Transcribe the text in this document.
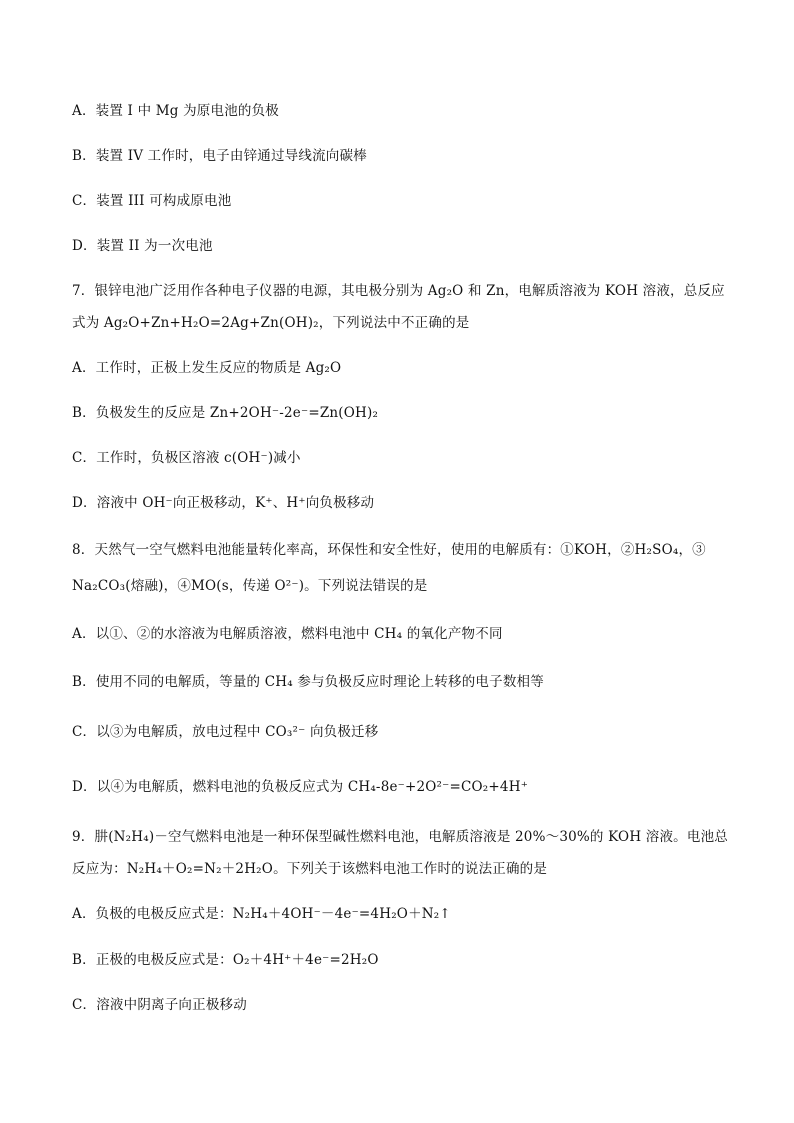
A．装置 I 中 Mg 为原电池的负极
B．装置 IV 工作时，电子由锌通过导线流向碳棒
C．装置 III 可构成原电池
D．装置 II 为一次电池
7．银锌电池广泛用作各种电子仪器的电源，其电极分别为 Ag₂O 和 Zn，电解质溶液为 KOH 溶液，总反应
式为 Ag₂O+Zn+H₂O=2Ag+Zn(OH)₂，下列说法中不正确的是
A．工作时，正极上发生反应的物质是 Ag₂O
B．负极发生的反应是 Zn+2OH⁻-2e⁻=Zn(OH)₂
C．工作时，负极区溶液 c(OH⁻)减小
D．溶液中 OH⁻向正极移动，K⁺、H⁺向负极移动
8．天然气一空气燃料电池能量转化率高，环保性和安全性好，使用的电解质有：①KOH，②H₂SO₄，③
Na₂CO₃(熔融)，④MO(s，传递 O²⁻)。下列说法错误的是
A．以①、②的水溶液为电解质溶液，燃料电池中 CH₄ 的氧化产物不同
B．使用不同的电解质，等量的 CH₄ 参与负极反应时理论上转移的电子数相等
C．以③为电解质，放电过程中 CO₃²⁻ 向负极迁移
D．以④为电解质，燃料电池的负极反应式为 CH₄-8e⁻+2O²⁻=CO₂+4H⁺
9．肼(N₂H₄)－空气燃料电池是一种环保型碱性燃料电池，电解质溶液是 20%～30%的 KOH 溶液。电池总
反应为：N₂H₄＋O₂=N₂＋2H₂O。下列关于该燃料电池工作时的说法正确的是
A．负极的电极反应式是：N₂H₄＋4OH⁻－4e⁻=4H₂O＋N₂↑
B．正极的电极反应式是：O₂＋4H⁺＋4e⁻=2H₂O
C．溶液中阴离子向正极移动
